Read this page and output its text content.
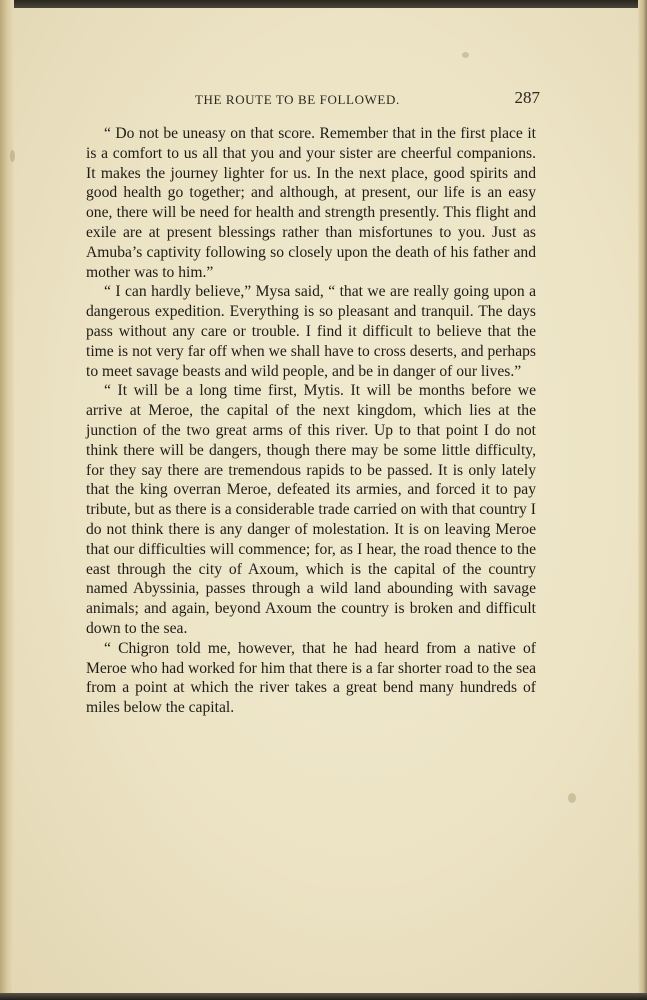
THE ROUTE TO BE FOLLOWED.	287

“ Do not be uneasy on that score. Remember that in the first place it is a comfort to us all that you and your sister are cheerful companions. It makes the journey lighter for us. In the next place, good spirits and good health go together; and although, at present, our life is an easy one, there will be need for health and strength presently. This flight and exile are at present blessings rather than misfortunes to you. Just as Amuba’s captivity following so closely upon the death of his father and mother was to him.”

“ I can hardly believe,” Mysa said, “ that we are really going upon a dangerous expedition. Everything is so pleasant and tranquil. The days pass without any care or trouble. I find it difficult to believe that the time is not very far off when we shall have to cross deserts, and perhaps to meet savage beasts and wild people, and be in danger of our lives.”

“ It will be a long time first, Mytis. It will be months before we arrive at Meroe, the capital of the next kingdom, which lies at the junction of the two great arms of this river. Up to that point I do not think there will be dangers, though there may be some little difficulty, for they say there are tremendous rapids to be passed. It is only lately that the king overran Meroe, defeated its armies, and forced it to pay tribute, but as there is a considerable trade carried on with that country I do not think there is any danger of molestation. It is on leaving Meroe that our difficulties will commence; for, as I hear, the road thence to the east through the city of Axoum, which is the capital of the country named Abyssinia, passes through a wild land abounding with savage animals; and again, beyond Axoum the country is broken and difficult down to the sea.

“ Chigron told me, however, that he had heard from a native of Meroe who had worked for him that there is a far shorter road to the sea from a point at which the river takes a great bend many hundreds of miles below the capital.
